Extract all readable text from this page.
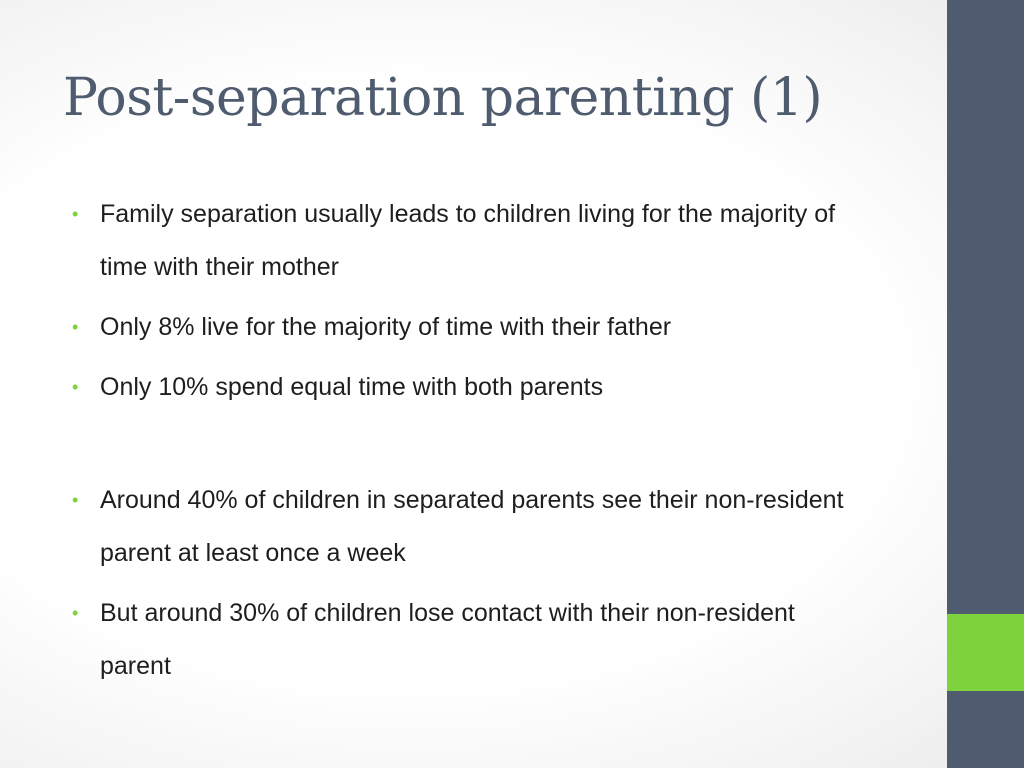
Post-separation parenting (1)
• Family separation usually leads to children living for the majority of time with their mother
• Only 8% live for the majority of time with their father
• Only 10% spend equal time with both parents
• Around 40% of children in separated parents see their non-resident parent at least once a week
• But around 30% of children lose contact with their non-resident parent
